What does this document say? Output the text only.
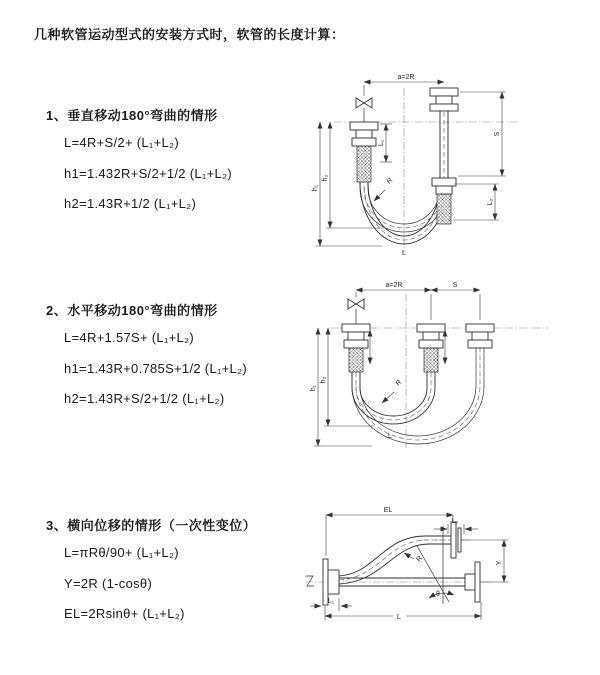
几种软管运动型式的安装方式时，软管的长度计算：
1、垂直移动180°弯曲的情形
L=4R+S/2+ (L₁+L₂)
h1=1.432R+S/2+1/2 (L₁+L₂)
h2=1.43R+1/2 (L₁+L₂)
2、水平移动180°弯曲的情形
L=4R+1.57S+ (L₁+L₂)
h1=1.43R+0.785S+1/2 (L₁+L₂)
h2=1.43R+S/2+1/2 (L₁+L₂)
3、横向位移的情形（一次性变位）
L=πRθ/90+ (L₁+L₂)
Y=2R (1-cosθ)
EL=2Rsinθ+ (L₁+L₂)
a=2R
h₁
h₂
L₁
S
L₂
R
L
a=2R	S
h₁
h₂	R
L
θ
EL
L₂
Y
L
L₁
R
